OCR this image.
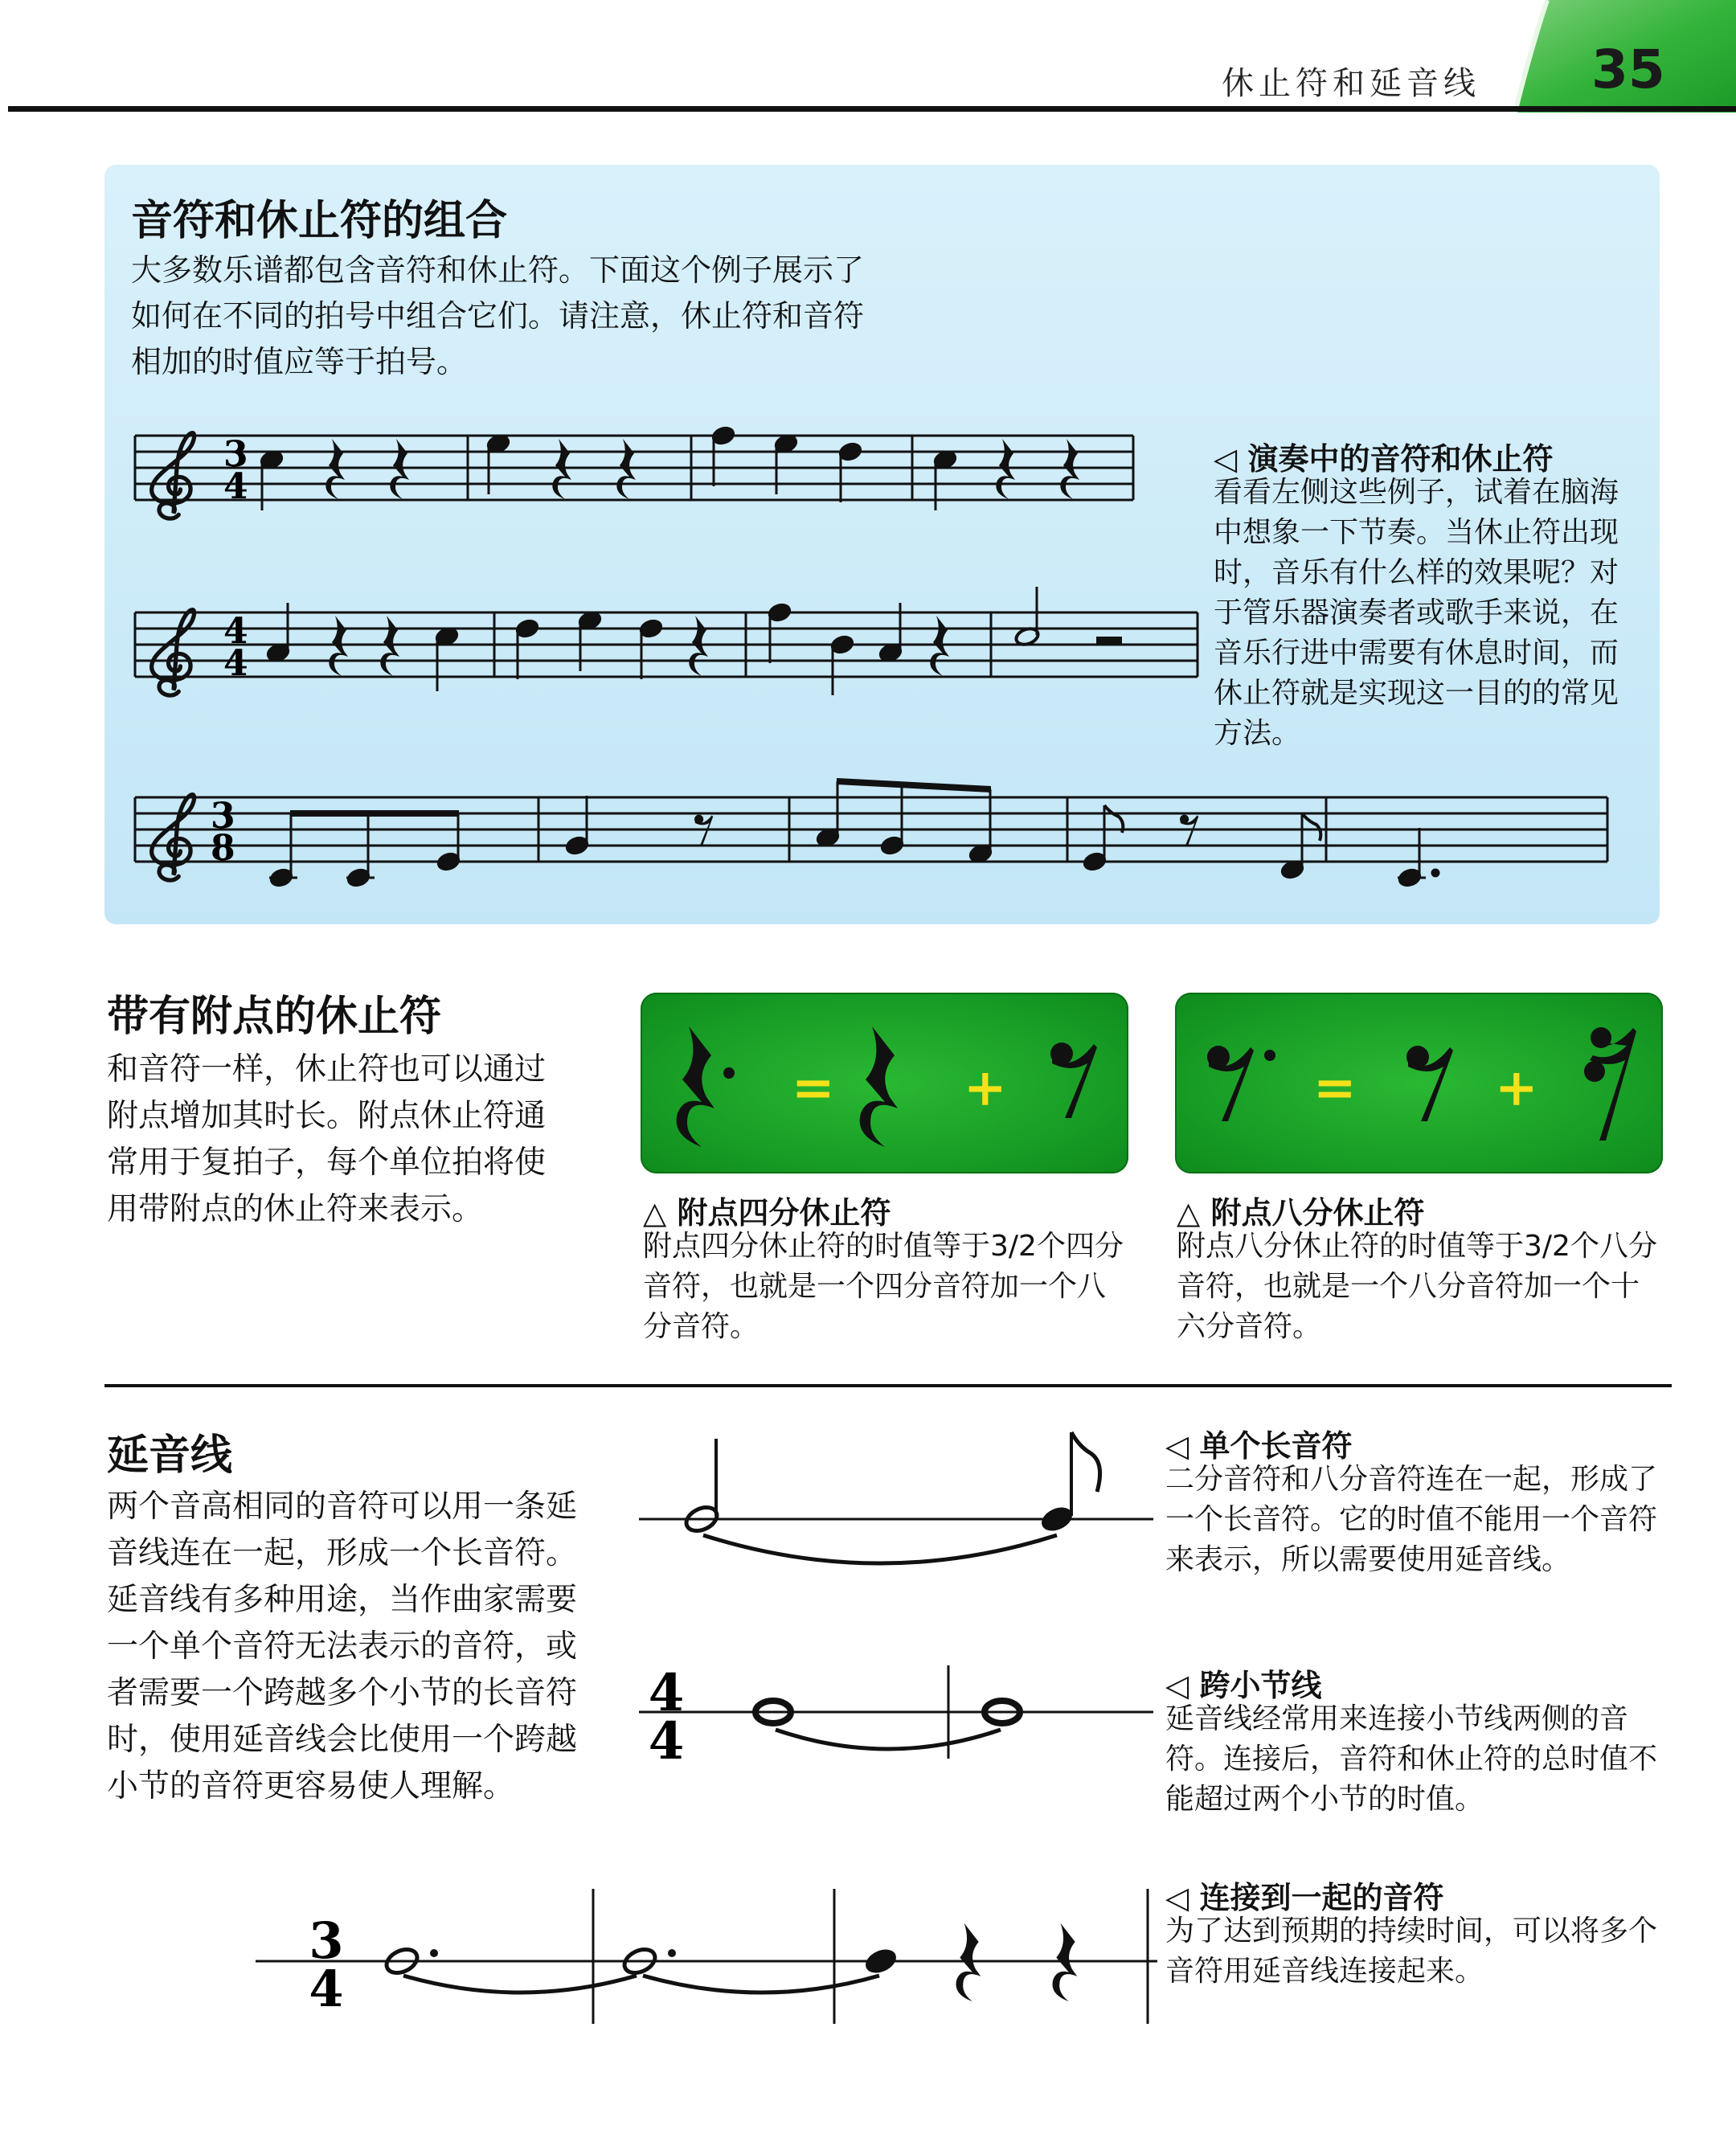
休止符和延音线 35
音符和休止符的组合
大多数乐谱都包含音符和休止符。下面这个例子展示了
如何在不同的拍号中组合它们。请注意，休止符和音符
相加的时值应等于拍号。
3
4
4
4
3
8
◁ 演奏中的音符和休止符
看看左侧这些例子，试着在脑海
中想象一下节奏。当休止符出现
时，音乐有什么样的效果呢？对
于管乐器演奏者或歌手来说，在
音乐行进中需要有休息时间，而
休止符就是实现这一目的的常见
方法。
带有附点的休止符
和音符一样，休止符也可以通过
附点增加其时长。附点休止符通
常用于复拍子，每个单位拍将使
用带附点的休止符来表示。
=	+	=	+
△ 附点四分休止符
附点四分休止符的时值等于3/2个四分
音符，也就是一个四分音符加一个八
分音符。
△ 附点八分休止符
附点八分休止符的时值等于3/2个八分
音符，也就是一个八分音符加一个十
六分音符。
延音线
两个音高相同的音符可以用一条延
音线连在一起，形成一个长音符。
延音线有多种用途，当作曲家需要
一个单个音符无法表示的音符，或
者需要一个跨越多个小节的长音符
时，使用延音线会比使用一个跨越
小节的音符更容易使人理解。
4
4
3
4
◁ 单个长音符
二分音符和八分音符连在一起，形成了
一个长音符。它的时值不能用一个音符
来表示，所以需要使用延音线。
◁ 跨小节线
延音线经常用来连接小节线两侧的音
符。连接后，音符和休止符的总时值不
能超过两个小节的时值。
◁ 连接到一起的音符
为了达到预期的持续时间，可以将多个
音符用延音线连接起来。
